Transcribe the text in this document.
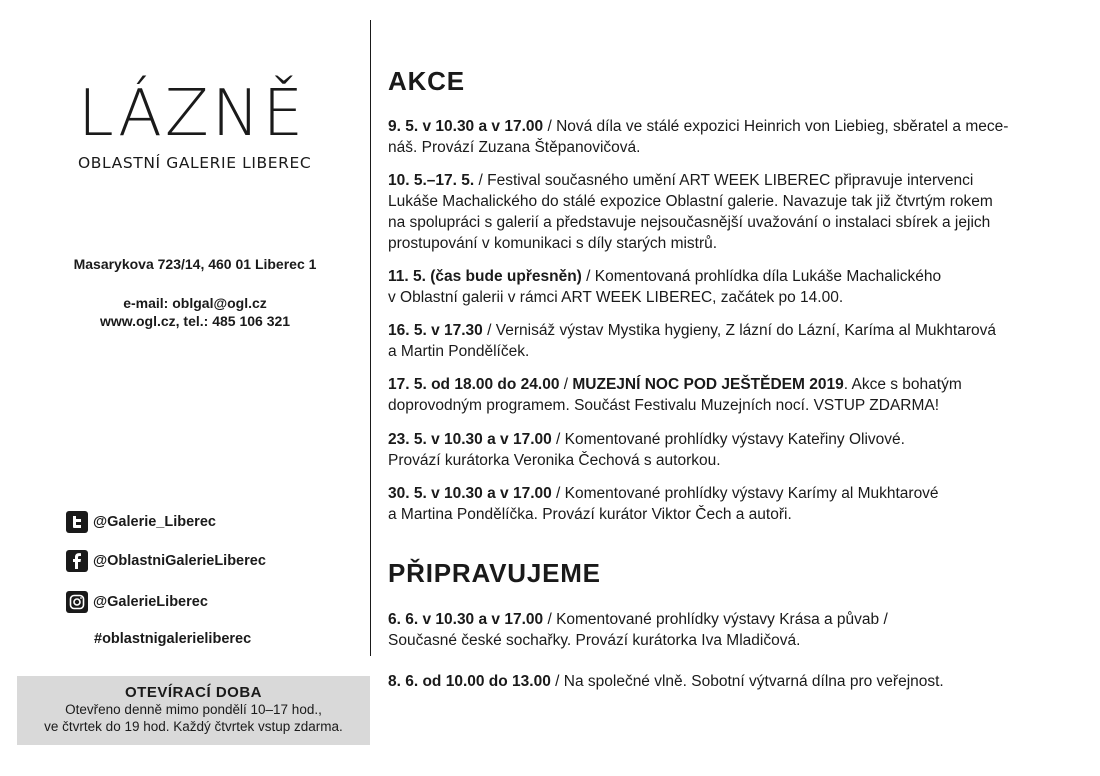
LÁZNĚ
OBLASTNÍ GALERIE LIBEREC
Masarykova 723/14, 460 01 Liberec 1
e-mail: oblgal@ogl.cz
www.ogl.cz, tel.: 485 106 321
@Galerie_Liberec
@OblastniGalerieLiberec
@GalerieLiberec
#oblastnigalerieliberec
OTEVÍRACÍ DOBA
Otevřeno denně mimo pondělí 10–17 hod.,
ve čtvrtek do 19 hod. Každý čtvrtek vstup zdarma.
AKCE
9. 5. v 10.30 a v 17.00 / Nová díla ve stálé expozici Heinrich von Liebieg, sběratel a mece-
náš. Provází Zuzana Štěpanovičová.
10. 5.–17. 5. / Festival současného umění ART WEEK LIBEREC připravuje intervenci
Lukáše Machalického do stálé expozice Oblastní galerie. Navazuje tak již čtvrtým rokem
na spolupráci s galerií a představuje nejsoučasnější uvažování o instalaci sbírek a jejich
prostupování v komunikaci s díly starých mistrů.
11. 5. (čas bude upřesněn) / Komentovaná prohlídka díla Lukáše Machalického
v Oblastní galerii v rámci ART WEEK LIBEREC, začátek po 14.00.
16. 5. v 17.30 / Vernisáž výstav Mystika hygieny, Z lázní do Lázní, Karíma al Mukhtarová
a Martin Pondělíček.
17. 5. od 18.00 do 24.00 / MUZEJNÍ NOC POD JEŠTĚDEM 2019. Akce s bohatým
doprovodným programem. Součást Festivalu Muzejních nocí. VSTUP ZDARMA!
23. 5. v 10.30 a v 17.00 / Komentované prohlídky výstavy Kateřiny Olivové.
Provází kurátorka Veronika Čechová s autorkou.
30. 5. v 10.30 a v 17.00 / Komentované prohlídky výstavy Karímy al Mukhtarové
a Martina Pondělíčka. Provází kurátor Viktor Čech a autoři.
PŘIPRAVUJEME
6. 6. v 10.30 a v 17.00 / Komentované prohlídky výstavy Krása a půvab /
Současné české sochařky. Provází kurátorka Iva Mladičová.
8. 6. od 10.00 do 13.00 / Na společné vlně. Sobotní výtvarná dílna pro veřejnost.
